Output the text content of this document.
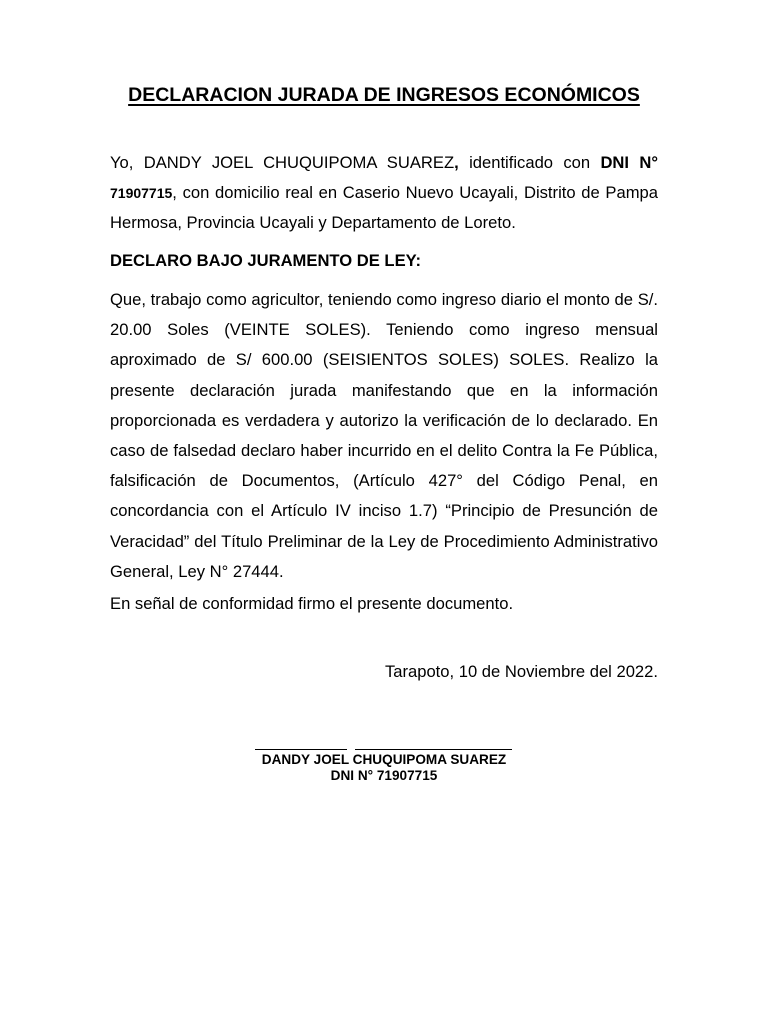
DECLARACION JURADA DE INGRESOS ECONÓMICOS
Yo, DANDY JOEL CHUQUIPOMA SUAREZ, identificado con DNI N° 71907715, con domicilio real en Caserio Nuevo Ucayali, Distrito de Pampa Hermosa, Provincia Ucayali y Departamento de Loreto.
DECLARO BAJO JURAMENTO DE LEY:
Que, trabajo como agricultor, teniendo como ingreso diario el monto de S/. 20.00 Soles (VEINTE SOLES). Teniendo como ingreso mensual aproximado de S/ 600.00 (SEISIENTOS SOLES) SOLES. Realizo la presente declaración jurada manifestando que en la información proporcionada es verdadera y autorizo la verificación de lo declarado. En caso de falsedad declaro haber incurrido en el delito Contra la Fe Pública, falsificación de Documentos, (Artículo 427° del Código Penal, en concordancia con el Artículo IV inciso 1.7) “Principio de Presunción de Veracidad” del Título Preliminar de la Ley de Procedimiento Administrativo General, Ley N° 27444.
En señal de conformidad firmo el presente documento.
Tarapoto, 10 de Noviembre del 2022.
DANDY JOEL CHUQUIPOMA SUAREZ
DNI N° 71907715
